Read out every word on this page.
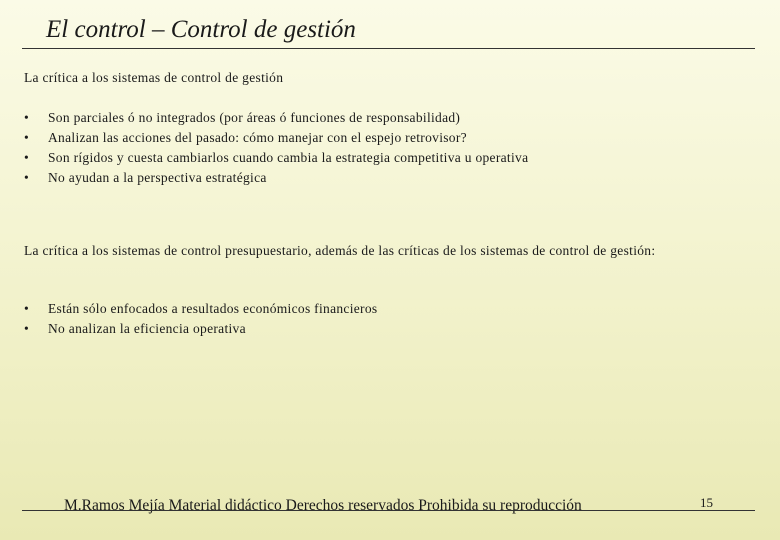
El control – Control de gestión
La crítica a los sistemas de control de gestión
•	Son parciales ó no integrados (por áreas ó funciones de responsabilidad)
•	Analizan las acciones del pasado: cómo manejar con el espejo retrovisor?
•	Son rígidos y cuesta cambiarlos cuando cambia la estrategia competitiva u operativa
•	No ayudan a la perspectiva estratégica
La crítica a los sistemas de control presupuestario, además de las críticas de los sistemas de control de gestión:
•	Están sólo enfocados a resultados económicos financieros
•	No analizan la eficiencia operativa
M.Ramos Mejía Material didáctico Derechos reservados Prohibida su reproducción	15
